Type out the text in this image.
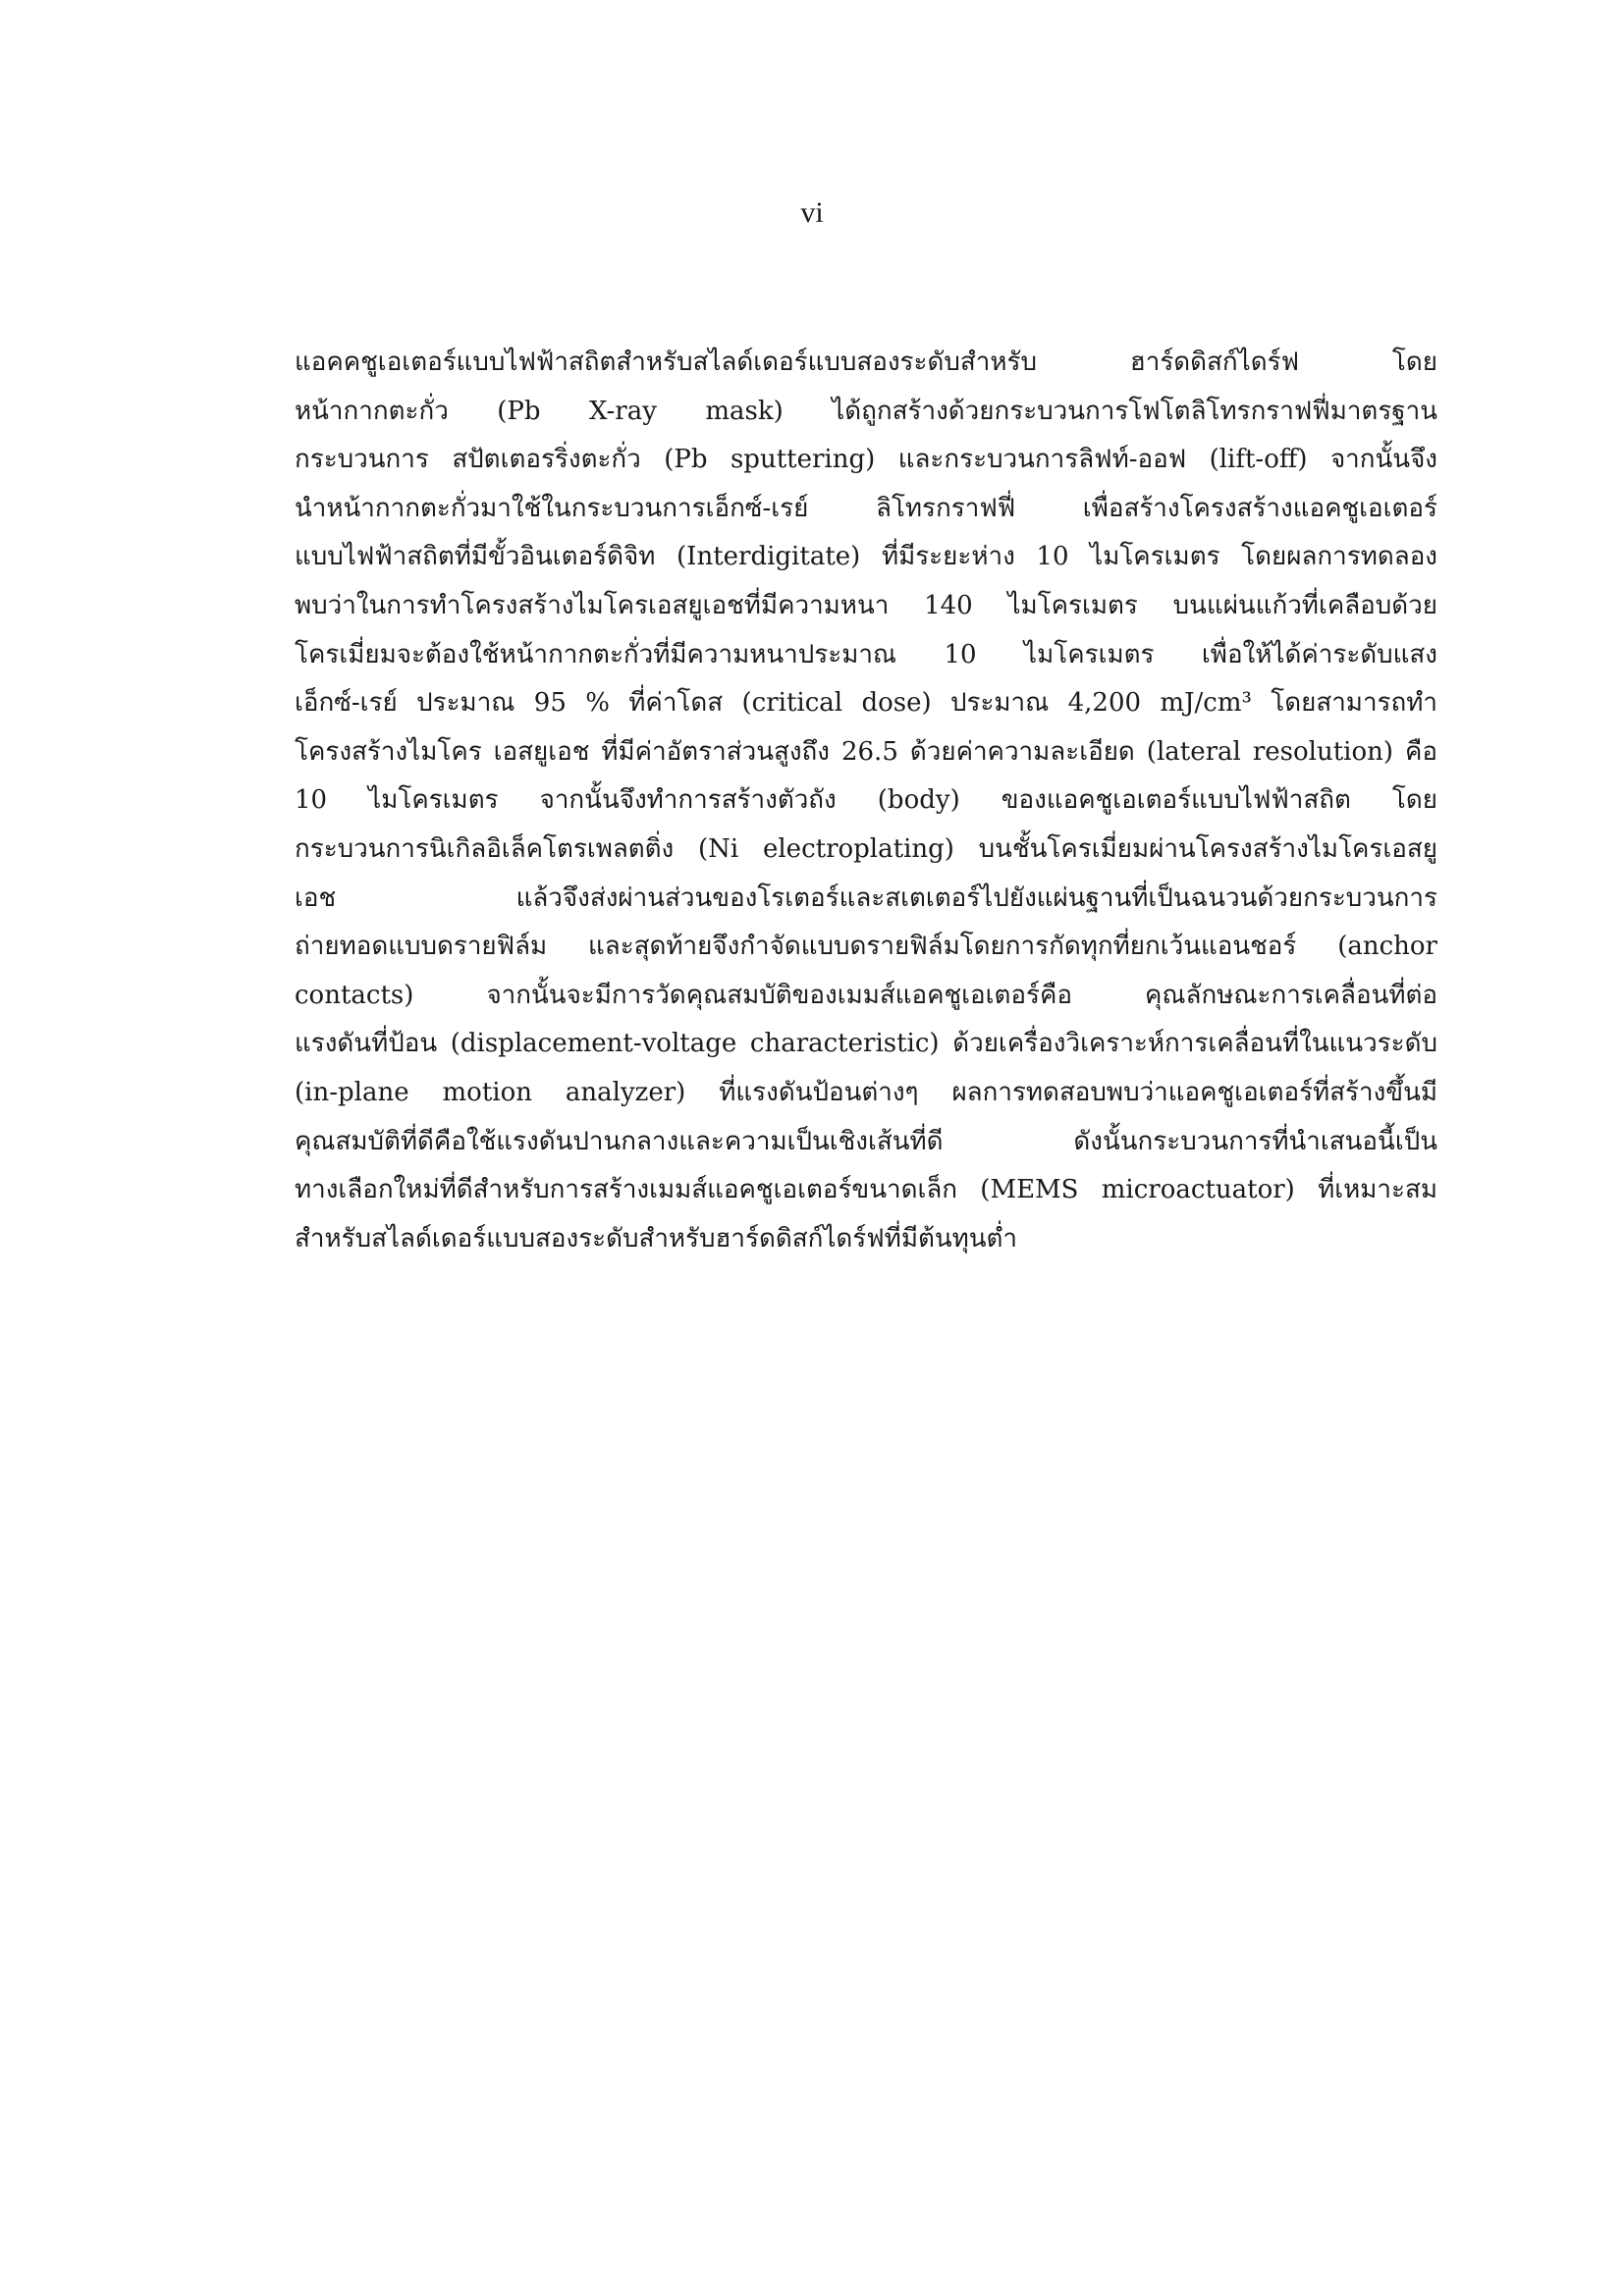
vi
แอคคชูเอเตอร์แบบไฟฟ้าสถิตสำหรับสไลด์เดอร์แบบสองระดับสำหรับ ฮาร์ดดิสก์ไดร์ฟ โดย
หน้ากากตะกั่ว (Pb X-ray mask) ได้ถูกสร้างด้วยกระบวนการโฟโตลิโทรกราฟฟี่มาตรฐาน
กระบวนการ สปัตเตอรริ่งตะกั่ว (Pb sputtering) และกระบวนการลิฟท์-ออฟ (lift-off) จากนั้นจึง
นำหน้ากากตะกั่วมาใช้ในกระบวนการเอ็กซ์-เรย์ ลิโทรกราฟฟี่ เพื่อสร้างโครงสร้างแอคชูเอเตอร์
แบบไฟฟ้าสถิตที่มีขั้วอินเตอร์ดิจิท (Interdigitate) ที่มีระยะห่าง 10 ไมโครเมตร โดยผลการทดลอง
พบว่าในการทำโครงสร้างไมโครเอสยูเอชที่มีความหนา 140 ไมโครเมตร บนแผ่นแก้วที่เคลือบด้วย
โครเมี่ยมจะต้องใช้หน้ากากตะกั่วที่มีความหนาประมาณ 10 ไมโครเมตร เพื่อให้ได้ค่าระดับแสง
เอ็กซ์-เรย์ ประมาณ 95 % ที่ค่าโดส (critical dose) ประมาณ 4,200 mJ/cm³ โดยสามารถทำ
โครงสร้างไมโคร เอสยูเอช ที่มีค่าอัตราส่วนสูงถึง 26.5 ด้วยค่าความละเอียด (lateral resolution) คือ
10 ไมโครเมตร จากนั้นจึงทำการสร้างตัวถัง (body) ของแอคชูเอเตอร์แบบไฟฟ้าสถิต โดย
กระบวนการนิเกิลอิเล็คโตรเพลตติ่ง (Ni electroplating) บนชั้นโครเมี่ยมผ่านโครงสร้างไมโครเอสยู
เอช แล้วจึงส่งผ่านส่วนของโรเตอร์และสเตเตอร์ไปยังแผ่นฐานที่เป็นฉนวนด้วยกระบวนการ
ถ่ายทอดแบบดรายฟิล์ม และสุดท้ายจึงกำจัดแบบดรายฟิล์มโดยการกัดทุกที่ยกเว้นแอนชอร์ (anchor
contacts) จากนั้นจะมีการวัดคุณสมบัติของเมมส์แอคชูเอเตอร์คือ คุณลักษณะการเคลื่อนที่ต่อ
แรงดันที่ป้อน (displacement-voltage characteristic) ด้วยเครื่องวิเคราะห์การเคลื่อนที่ในแนวระดับ
(in-plane motion analyzer) ที่แรงดันป้อนต่างๆ ผลการทดสอบพบว่าแอคชูเอเตอร์ที่สร้างขึ้นมี
คุณสมบัติที่ดีคือใช้แรงดันปานกลางและความเป็นเชิงเส้นที่ดี ดังนั้นกระบวนการที่นำเสนอนี้เป็น
ทางเลือกใหม่ที่ดีสำหรับการสร้างเมมส์แอคชูเอเตอร์ขนาดเล็ก (MEMS microactuator) ที่เหมาะสม
สำหรับสไลด์เดอร์แบบสองระดับสำหรับฮาร์ดดิสก์ไดร์ฟที่มีต้นทุนต่ำ
